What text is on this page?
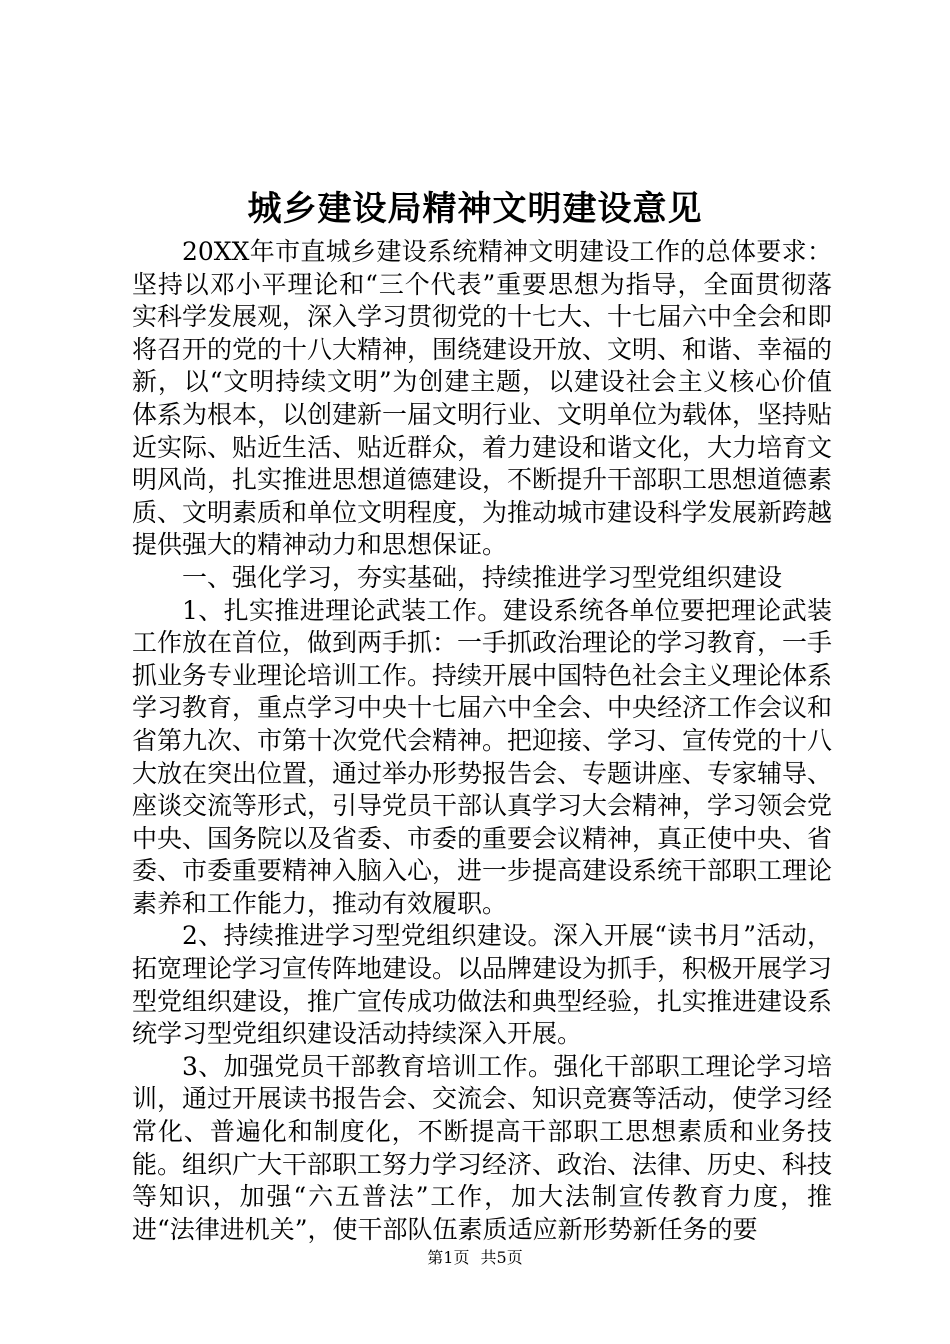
城乡建设局精神文明建设意见

20XX年市直城乡建设系统精神文明建设工作的总体要求：坚持以邓小平理论和“三个代表”重要思想为指导，全面贯彻落实科学发展观，深入学习贯彻党的十七大、十七届六中全会和即将召开的党的十八大精神，围绕建设开放、文明、和谐、幸福的新，以“文明持续文明”为创建主题，以建设社会主义核心价值体系为根本，以创建新一届文明行业、文明单位为载体，坚持贴近实际、贴近生活、贴近群众，着力建设和谐文化，大力培育文明风尚，扎实推进思想道德建设，不断提升干部职工思想道德素质、文明素质和单位文明程度，为推动城市建设科学发展新跨越提供强大的精神动力和思想保证。

一、强化学习，夯实基础，持续推进学习型党组织建设

1、扎实推进理论武装工作。建设系统各单位要把理论武装工作放在首位，做到两手抓：一手抓政治理论的学习教育，一手抓业务专业理论培训工作。持续开展中国特色社会主义理论体系学习教育，重点学习中央十七届六中全会、中央经济工作会议和省第九次、市第十次党代会精神。把迎接、学习、宣传党的十八大放在突出位置，通过举办形势报告会、专题讲座、专家辅导、座谈交流等形式，引导党员干部认真学习大会精神，学习领会党中央、国务院以及省委、市委的重要会议精神，真正使中央、省委、市委重要精神入脑入心，进一步提高建设系统干部职工理论素养和工作能力，推动有效履职。

2、持续推进学习型党组织建设。深入开展“读书月”活动，拓宽理论学习宣传阵地建设。以品牌建设为抓手，积极开展学习型党组织建设，推广宣传成功做法和典型经验，扎实推进建设系统学习型党组织建设活动持续深入开展。

3、加强党员干部教育培训工作。强化干部职工理论学习培训，通过开展读书报告会、交流会、知识竞赛等活动，使学习经常化、普遍化和制度化，不断提高干部职工思想素质和业务技能。组织广大干部职工努力学习经济、政治、法律、历史、科技等知识，加强“六五普法”工作，加大法制宣传教育力度，推进“法律进机关”，使干部队伍素质适应新形势新任务的要

第1页 共5页
